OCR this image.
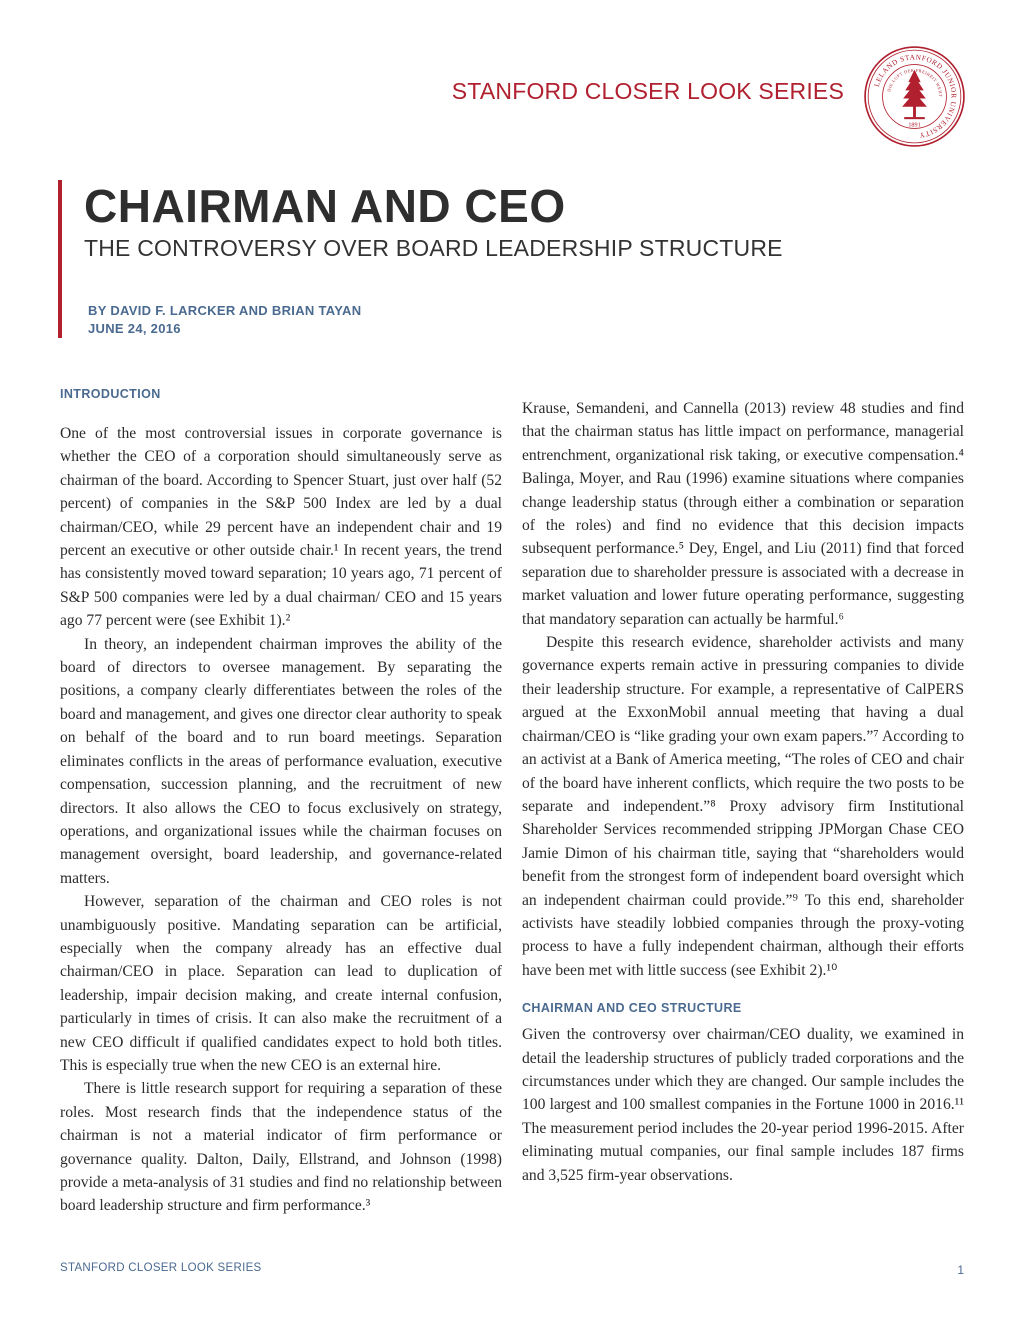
STANFORD CLOSER LOOK SERIES	LELAND STANFORD JUNIOR UNIVERSITY
DIE LUFT DER FREIHEIT WEHT
1891
CHAIRMAN AND CEO
THE CONTROVERSY OVER BOARD LEADERSHIP STRUCTURE
BY DAVID F. LARCKER AND BRIAN TAYAN
JUNE 24, 2016
INTRODUCTION

One of the most controversial issues in corporate governance is whether the CEO of a corporation should simultaneously serve as chairman of the board. According to Spencer Stuart, just over half (52 percent) of companies in the S&P 500 Index are led by a dual chairman/CEO, while 29 percent have an independent chair and 19 percent an executive or other outside chair.¹ In recent years, the trend has consistently moved toward separation; 10 years ago, 71 percent of S&P 500 companies were led by a dual chairman/ CEO and 15 years ago 77 percent were (see Exhibit 1).²

In theory, an independent chairman improves the ability of the board of directors to oversee management. By separating the positions, a company clearly differentiates between the roles of the board and management, and gives one director clear authority to speak on behalf of the board and to run board meetings. Separation eliminates conflicts in the areas of performance evaluation, executive compensation, succession planning, and the recruitment of new directors. It also allows the CEO to focus exclusively on strategy, operations, and organizational issues while the chairman focuses on management oversight, board leadership, and governance-related matters.

However, separation of the chairman and CEO roles is not unambiguously positive. Mandating separation can be artificial, especially when the company already has an effective dual chairman/CEO in place. Separation can lead to duplication of leadership, impair decision making, and create internal confusion, particularly in times of crisis. It can also make the recruitment of a new CEO difficult if qualified candidates expect to hold both titles. This is especially true when the new CEO is an external hire.

There is little research support for requiring a separation of these roles. Most research finds that the independence status of the chairman is not a material indicator of firm performance or governance quality. Dalton, Daily, Ellstrand, and Johnson (1998) provide a meta-analysis of 31 studies and find no relationship between board leadership structure and firm performance.³

Krause, Semandeni, and Cannella (2013) review 48 studies and find that the chairman status has little impact on performance, managerial entrenchment, organizational risk taking, or executive compensation.⁴ Balinga, Moyer, and Rau (1996) examine situations where companies change leadership status (through either a combination or separation of the roles) and find no evidence that this decision impacts subsequent performance.⁵ Dey, Engel, and Liu (2011) find that forced separation due to shareholder pressure is associated with a decrease in market valuation and lower future operating performance, suggesting that mandatory separation can actually be harmful.⁶

Despite this research evidence, shareholder activists and many governance experts remain active in pressuring companies to divide their leadership structure. For example, a representative of CalPERS argued at the ExxonMobil annual meeting that having a dual chairman/CEO is “like grading your own exam papers.”⁷ According to an activist at a Bank of America meeting, “The roles of CEO and chair of the board have inherent conflicts, which require the two posts to be separate and independent.”⁸ Proxy advisory firm Institutional Shareholder Services recommended stripping JPMorgan Chase CEO Jamie Dimon of his chairman title, saying that “shareholders would benefit from the strongest form of independent board oversight which an independent chairman could provide.”⁹ To this end, shareholder activists have steadily lobbied companies through the proxy-voting process to have a fully independent chairman, although their efforts have been met with little success (see Exhibit 2).¹⁰

CHAIRMAN AND CEO STRUCTURE

Given the controversy over chairman/CEO duality, we examined in detail the leadership structures of publicly traded corporations and the circumstances under which they are changed. Our sample includes the 100 largest and 100 smallest companies in the Fortune 1000 in 2016.¹¹ The measurement period includes the 20-year period 1996-2015. After eliminating mutual companies, our final sample includes 187 firms and 3,525 firm-year observations.

STANFORD CLOSER LOOK SERIES	1
